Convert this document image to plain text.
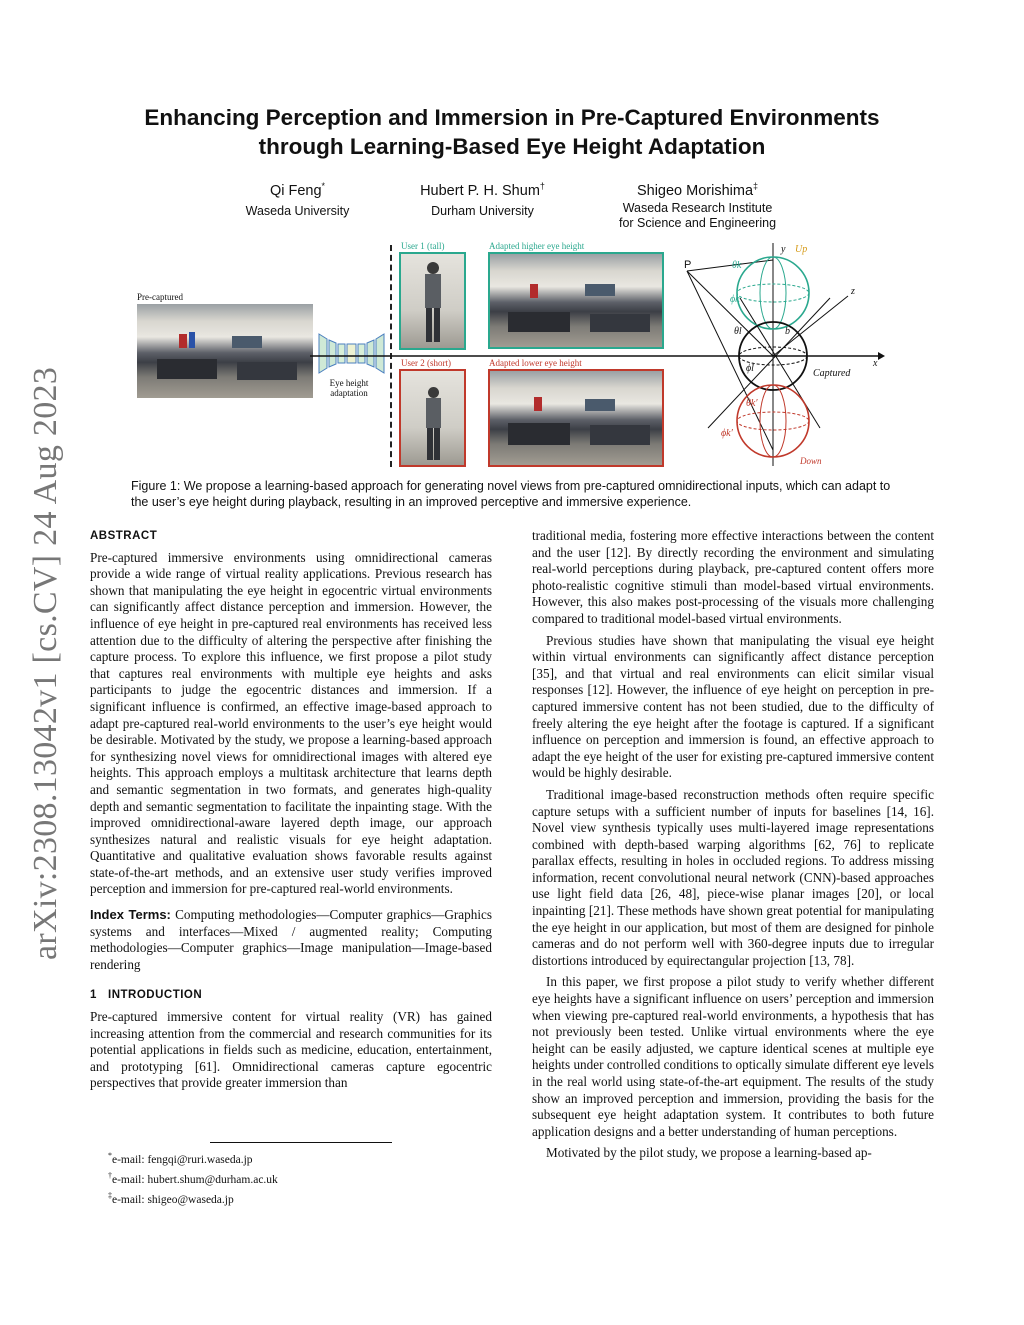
arXiv:2308.13042v1 [cs.CV] 24 Aug 2023
Enhancing Perception and Immersion in Pre-Captured Environments
through Learning-Based Eye Height Adaptation
Qi Feng*
Waseda University
Hubert P. H. Shum†
Durham University
Shigeo Morishima‡
Waseda Research Institute
for Science and Engineering
Pre-captured
Eye height
adaptation
User 1 (tall)	Adapted higher eye height
User 2 (short)	Adapted lower eye height
P
y Up
z
x
b
Captured
Down
θk
ϕk
θl
ϕl
θk′
ϕk′
Figure 1: We propose a learning-based approach for generating novel views from pre-captured omnidirectional inputs, which can adapt to the user’s eye height during playback, resulting in an improved perceptive and immersive experience.
ABSTRACT

Pre-captured immersive environments using omnidirectional cameras provide a wide range of virtual reality applications. Previous research has shown that manipulating the eye height in egocentric virtual environments can significantly affect distance perception and immersion. However, the influence of eye height in pre-captured real environments has received less attention due to the difficulty of altering the perspective after finishing the capture process. To explore this influence, we first propose a pilot study that captures real environments with multiple eye heights and asks participants to judge the egocentric distances and immersion. If a significant influence is confirmed, an effective image-based approach to adapt pre-captured real-world environments to the user’s eye height would be desirable. Motivated by the study, we propose a learning-based approach for synthesizing novel views for omnidirectional images with altered eye heights. This approach employs a multitask architecture that learns depth and semantic segmentation in two formats, and generates high-quality depth and semantic segmentation to facilitate the inpainting stage. With the improved omnidirectional-aware layered depth image, our approach synthesizes natural and realistic visuals for eye height adaptation. Quantitative and qualitative evaluation shows favorable results against state-of-the-art methods, and an extensive user study verifies improved perception and immersion for pre-captured real-world environments.

Index Terms: Computing methodologies—Computer graphics—Graphics systems and interfaces—Mixed / augmented reality; Computing methodologies—Computer graphics—Image manipulation—Image-based rendering

1 INTRODUCTION

Pre-captured immersive content for virtual reality (VR) has gained increasing attention from the commercial and research communities for its potential applications in fields such as medicine, education, entertainment, and prototyping [61]. Omnidirectional cameras capture egocentric perspectives that provide greater immersion than

*e-mail: fengqi@ruri.waseda.jp
†e-mail: hubert.shum@durham.ac.uk
‡e-mail: shigeo@waseda.jp

traditional media, fostering more effective interactions between the content and the user [12]. By directly recording the environment and simulating real-world perceptions during playback, pre-captured content offers more photo-realistic cognitive stimuli than model-based virtual environments. However, this also makes post-processing of the visuals more challenging compared to traditional model-based virtual environments.

Previous studies have shown that manipulating the visual eye height within virtual environments can significantly affect distance perception [35], and that virtual and real environments can elicit similar visual responses [12]. However, the influence of eye height on perception in pre-captured immersive content has not been studied, due to the difficulty of freely altering the eye height after the footage is captured. If a significant influence on perception and immersion is found, an effective approach to adapt the eye height of the user for existing pre-captured immersive content would be highly desirable.

Traditional image-based reconstruction methods often require specific capture setups with a sufficient number of inputs for baselines [14, 16]. Novel view synthesis typically uses multi-layered image representations combined with depth-based warping algorithms [62, 76] to replicate parallax effects, resulting in holes in occluded regions. To address missing information, recent convolutional neural network (CNN)-based approaches use light field data [26, 48], piece-wise planar images [20], or local inpainting [21]. These methods have shown great potential for manipulating the eye height in our application, but most of them are designed for pinhole cameras and do not perform well with 360-degree inputs due to irregular distortions introduced by equirectangular projection [13, 78].

In this paper, we first propose a pilot study to verify whether different eye heights have a significant influence on users’ perception and immersion when viewing pre-captured real-world environments, a hypothesis that has not previously been tested. Unlike virtual environments where the eye height can be easily adjusted, we capture identical scenes at multiple eye heights under controlled conditions to optically simulate different eye levels in the real world using state-of-the-art equipment. The results of the study show an improved perception and immersion, providing the basis for the subsequent eye height adaptation system. It contributes to both future application designs and a better understanding of human perceptions.

Motivated by the pilot study, we propose a learning-based ap-
